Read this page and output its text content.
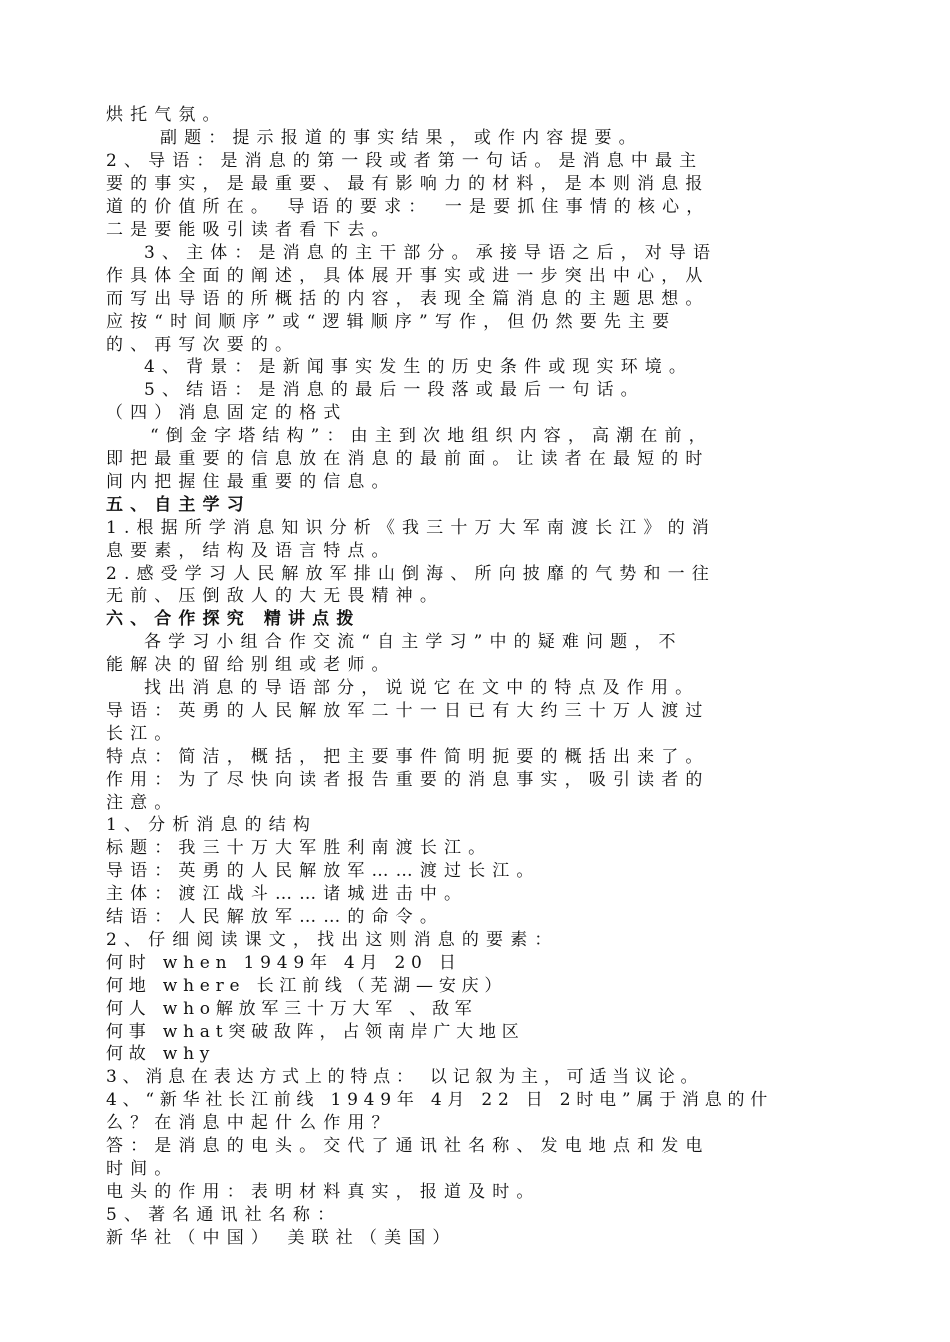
烘托气氛。
副题：提示报道的事实结果，或作内容提要。
2、导语：是消息的第一段或者第一句话。是消息中最主
要的事实，是最重要、最有影响力的材料，是本则消息报
道的价值所在。 导语的要求： 一是要抓住事情的核心，
二是要能吸引读者看下去。
3、主体：是消息的主干部分。承接导语之后，对导语
作具体全面的阐述，具体展开事实或进一步突出中心，从
而写出导语的所概括的内容，表现全篇消息的主题思想。
应按“时间顺序”或“逻辑顺序”写作，但仍然要先主要
的、再写次要的。
4、背景：是新闻事实发生的历史条件或现实环境。
5、结语：是消息的最后一段落或最后一句话。
（四）消息固定的格式
“倒金字塔结构”：由主到次地组织内容，高潮在前，
即把最重要的信息放在消息的最前面。让读者在最短的时
间内把握住最重要的信息。
五、自主学习
1.根据所学消息知识分析《我三十万大军南渡长江》的消
息要素，结构及语言特点。
2.感受学习人民解放军排山倒海、所向披靡的气势和一往
无前、压倒敌人的大无畏精神。
六、合作探究 精讲点拨
各学习小组合作交流“自主学习”中的疑难问题，不
能解决的留给别组或老师。
找出消息的导语部分，说说它在文中的特点及作用。
导语：英勇的人民解放军二十一日已有大约三十万人渡过
长江。
特点：简洁，概括，把主要事件简明扼要的概括出来了。
作用：为了尽快向读者报告重要的消息事实，吸引读者的
注意。
1、分析消息的结构
标题：我三十万大军胜利南渡长江。
导语：英勇的人民解放军……渡过长江。
主体：渡江战斗……诸城进击中。
结语：人民解放军……的命令。
2、仔细阅读课文，找出这则消息的要素：
何时 when 1949年 4月 20 日
何地 where 长江前线（芜湖—安庆）
何人 who解放军三十万大军 、敌军
何事 what突破敌阵，占领南岸广大地区
何故 why
3、消息在表达方式上的特点： 以记叙为主，可适当议论。
4、“新华社长江前线 1949年 4月 22 日 2时电”属于消息的什
么？在消息中起什么作用？
答：是消息的电头。交代了通讯社名称、发电地点和发电
时间。
电头的作用：表明材料真实，报道及时。
5、著名通讯社名称：
新华社（中国） 美联社（美国）
